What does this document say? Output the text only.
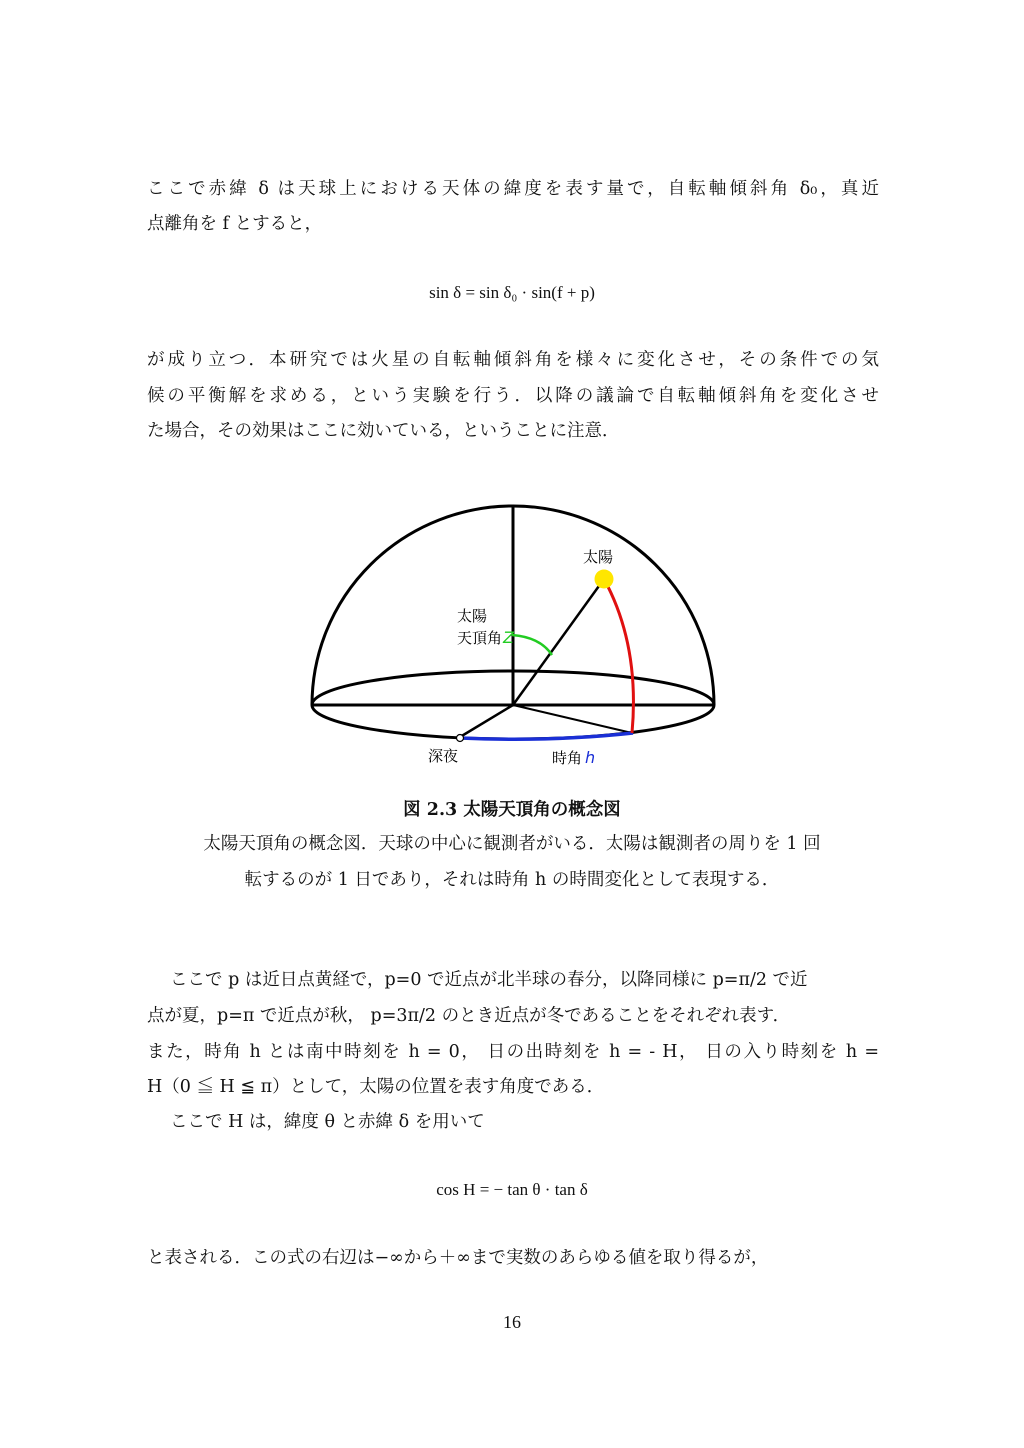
ここで赤緯 δ は天球上における天体の緯度を表す量で，自転軸傾斜角 δ₀，真近
点離角を f とすると，
sin δ = sin δ₀ · sin(f + p)
が成り立つ．本研究では火星の自転軸傾斜角を様々に変化させ，その条件での気
候の平衡解を求める，という実験を行う．以降の議論で自転軸傾斜角を変化させ
た場合，その効果はここに効いている，ということに注意．
太陽
太陽
天頂角 Z
深夜	時角 h
図 2.3 太陽天頂角の概念図
太陽天頂角の概念図．天球の中心に観測者がいる．太陽は観測者の周りを 1 回
転するのが 1 日であり，それは時角 h の時間変化として表現する．
ここで p は近日点黄経で，p=0 で近点が北半球の春分，以降同様に p=π/2 で近
点が夏，p=π で近点が秋， p=3π/2 のとき近点が冬であることをそれぞれ表す．
また，時角 h とは南中時刻を h = 0， 日の出時刻を h = - H， 日の入り時刻を h =
H（0 ≦ H ≦ π）として，太陽の位置を表す角度である．
ここで H は，緯度 θ と赤緯 δ を用いて
cos H = − tan θ · tan δ
と表される．この式の右辺は−∞から＋∞まで実数のあらゆる値を取り得るが，
16
